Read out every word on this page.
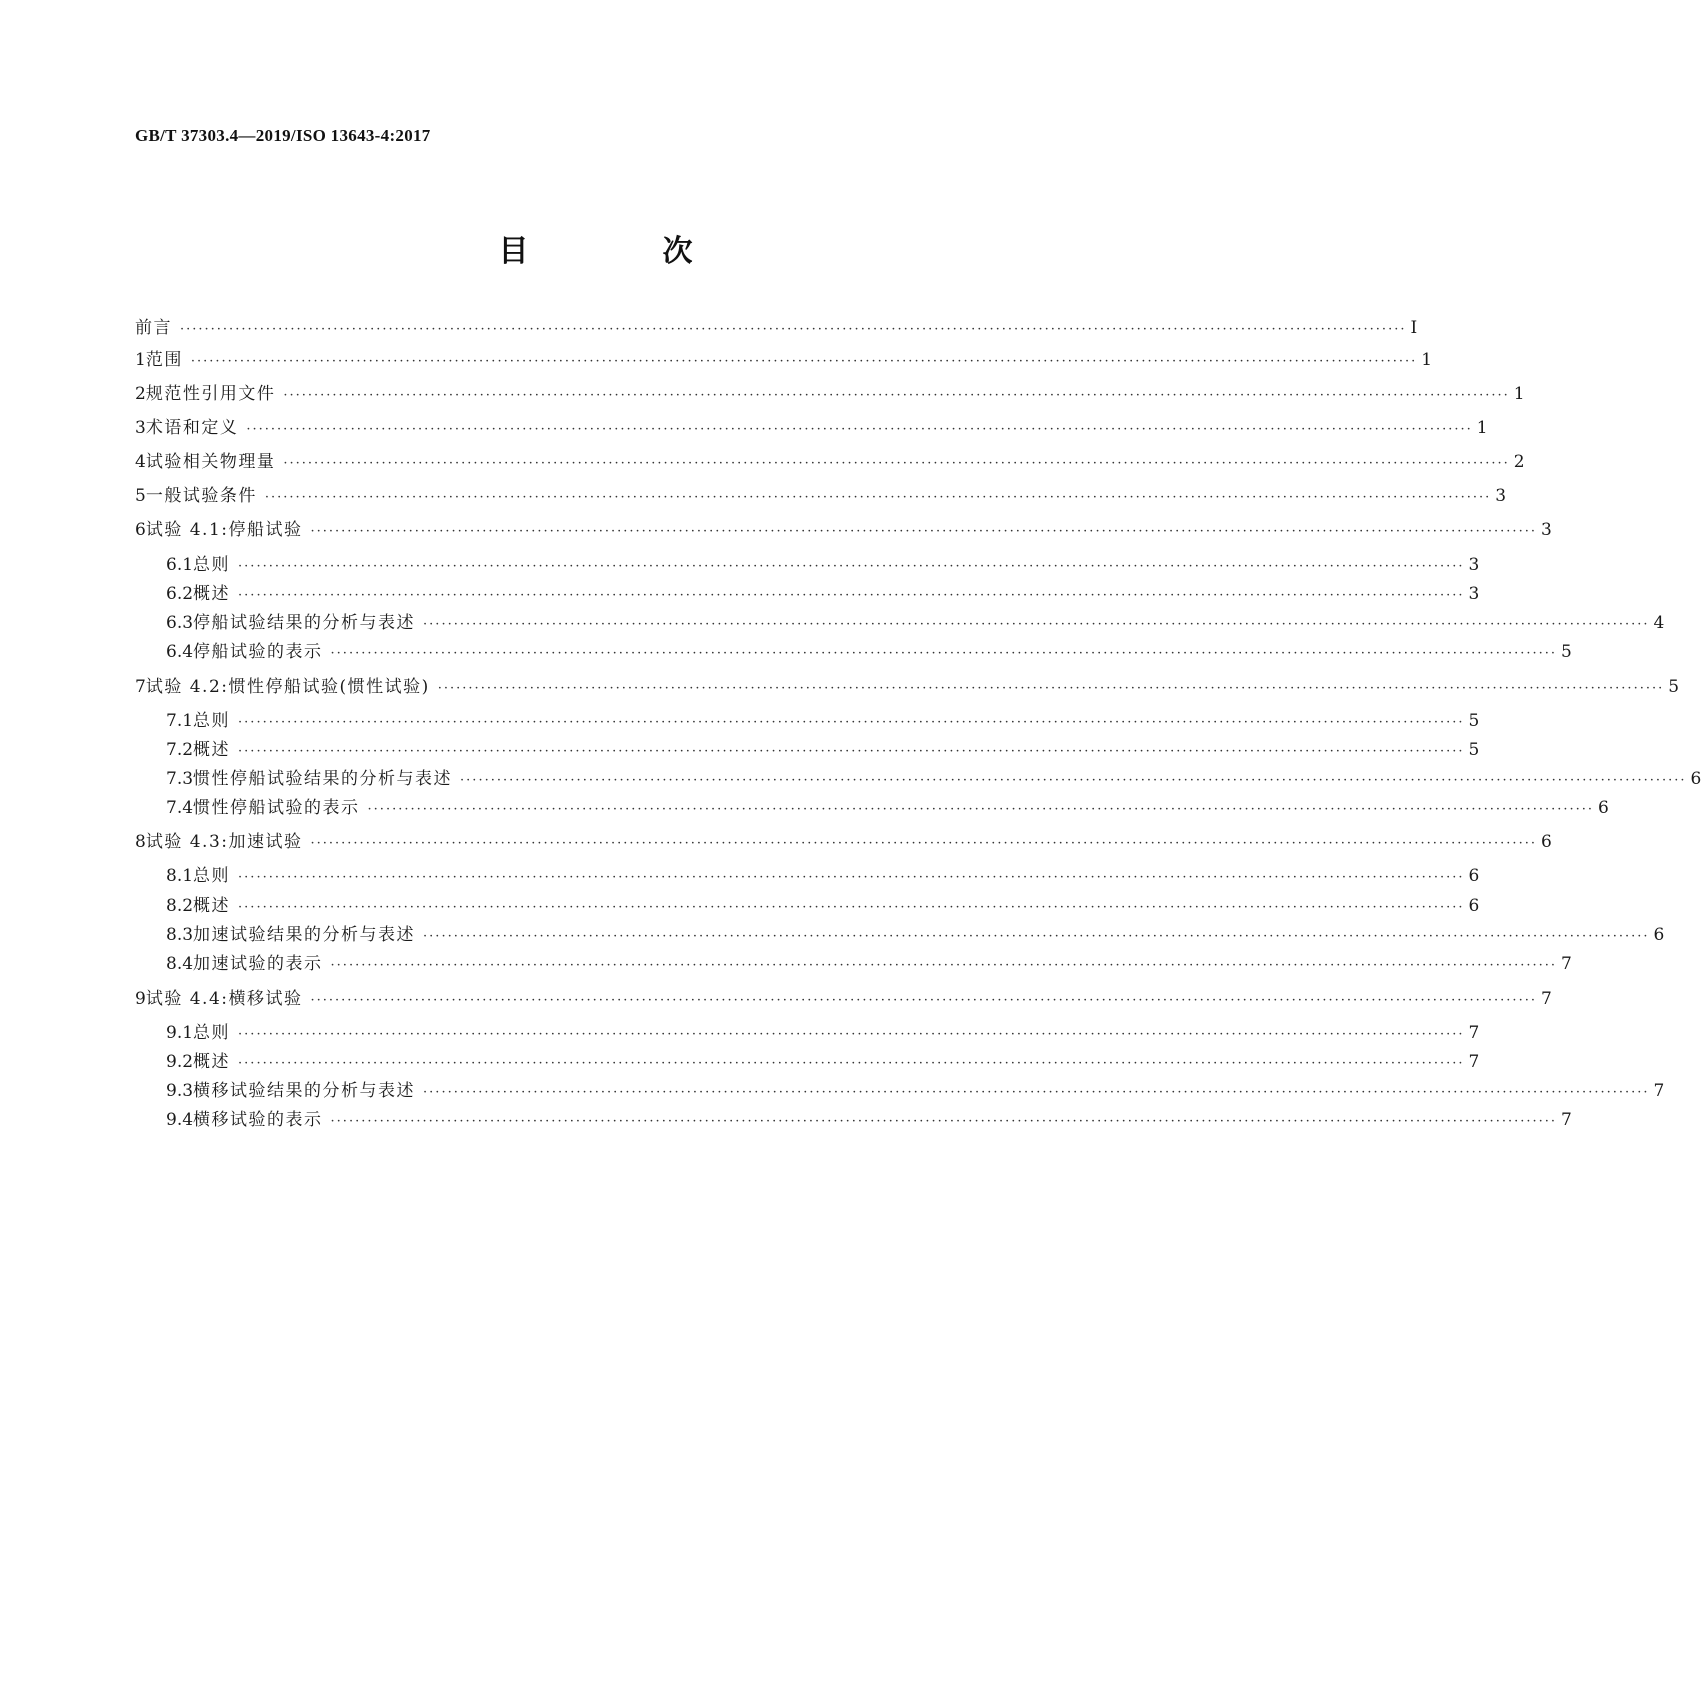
GB/T 37303.4—2019/ISO 13643-4:2017
目　次
前言 ········································································································································································································ Ⅰ
1 范围 ········································································································································································································ 1
2 规范性引用文件 ········································································································································································································ 1
3 术语和定义 ········································································································································································································ 1
4 试验相关物理量 ········································································································································································································ 2
5 一般试验条件 ········································································································································································································ 3
6 试验 4.1:停船试验 ········································································································································································································ 3
6.1 总则 ········································································································································································································ 3
6.2 概述 ········································································································································································································ 3
6.3 停船试验结果的分析与表述 ········································································································································································································ 4
6.4 停船试验的表示 ········································································································································································································ 5
7 试验 4.2:惯性停船试验(惯性试验) ········································································································································································································ 5
7.1 总则 ········································································································································································································ 5
7.2 概述 ········································································································································································································ 5
7.3 惯性停船试验结果的分析与表述 ········································································································································································································ 6
7.4 惯性停船试验的表示 ········································································································································································································ 6
8 试验 4.3:加速试验 ········································································································································································································ 6
8.1 总则 ········································································································································································································ 6
8.2 概述 ········································································································································································································ 6
8.3 加速试验结果的分析与表述 ········································································································································································································ 6
8.4 加速试验的表示 ········································································································································································································ 7
9 试验 4.4:横移试验 ········································································································································································································ 7
9.1 总则 ········································································································································································································ 7
9.2 概述 ········································································································································································································ 7
9.3 横移试验结果的分析与表述 ········································································································································································································ 7
9.4 横移试验的表示 ········································································································································································································ 7
